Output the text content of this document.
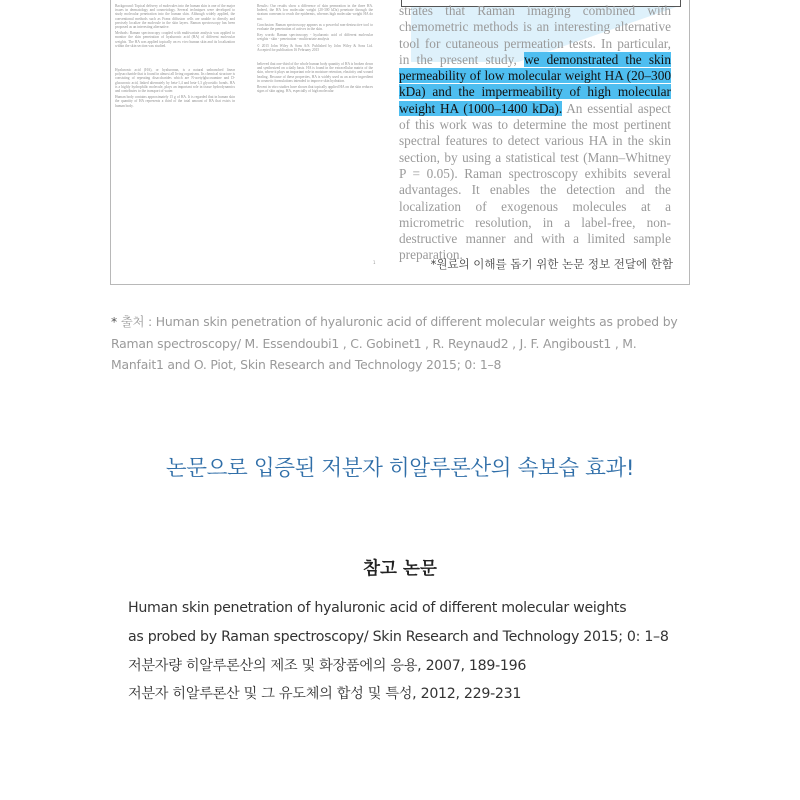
Background: Topical delivery of molecules into the human skin is one of the major issues in dermatology and cosmetology. Several techniques were developed to study molecular penetration into the human skin. Although widely applied, the conventional methods such as Franz diffusion cells are unable to directly and precisely localize the molecule in the skin layers. Raman spectroscopy has been proposed as an interesting alternative.

Methods: Raman spectroscopy coupled with multivariate analysis was applied to monitor the skin penetration of hyaluronic acid (HA) of different molecular weights. The HA was applied topically on ex vivo human skin and its localization within the skin section was studied.

Hyaluronic acid (HA), or hyaluronan, is a natural unbranched linear polysaccharide that is found in almost all living organisms. Its chemical structure is consisting of repeating disaccharides which are N-acetylglucosamine and D-glucuronic acid, linked alternately by beta-1,4 and beta-1,3 glycosidic bonds. HA is a highly hydrophilic molecule, plays an important role in tissue hydrodynamics and contributes to the transport of water.

Human body contains approximately 15 g of HA. It is regarded that in human skin the quantity of HA represents a third of the total amount of HA that exists in human body.

Results: Our results show a difference of skin permeation in the three HA. Indeed, the HA low molecular weight (20-300 kDa) penetrate through the stratum corneum to reach the epidermis, whereas high molecular weight HA do not.

Conclusion: Raman spectroscopy appears as a powerful non-destructive tool to evaluate the penetration of actives in the skin.

Key words: Raman spectroscopy - hyaluronic acid of different molecular weights - skin - penetration - multivariate analysis

© 2015 John Wiley & Sons A/S. Published by John Wiley & Sons Ltd. Accepted for publication 16 February 2015

believed that one-third of the whole human body quantity of HA is broken down and synthesized on a daily basis. HA is found in the extracellular matrix of the skin, where it plays an important role in moisture retention, elasticity and wound healing. Because of these properties, HA is widely used as an active ingredient in cosmetic formulations intended to improve skin hydration.

Recent in vitro studies have shown that topically applied HA on the skin reduces signs of skin aging. HA, especially of high molecular

strates that Raman imaging combined with chemometric methods is an interesting alternative tool for cutaneous permeation tests. In particular, in the present study, we demonstrated the skin permeability of low molecular weight HA (20–300 kDa) and the impermeability of high molecular weight HA (1000–1400 kDa). An essential aspect of this work was to determine the most pertinent spectral features to detect various HA in the skin section, by using a statistical test (Mann–Whitney P = 0.05). Raman spectroscopy exhibits several advantages. It enables the detection and the localization of exogenous molecules at a micrometric resolution, in a label-free, non-destructive manner and with a limited sample preparation.
1	*원료의 이해를 돕기 위한 논문 정보 전달에 한함
* 출처 : Human skin penetration of hyaluronic acid of different molecular weights as probed by Raman spectroscopy/ M. Essendoubi1 , C. Gobinet1 , R. Reynaud2 , J. F. Angiboust1 , M. Manfait1 and O. Piot, Skin Research and Technology 2015; 0: 1–8
논문으로 입증된 저분자 히알루론산의 속보습 효과!
참고 논문
Human skin penetration of hyaluronic acid of different molecular weights
as probed by Raman spectroscopy/ Skin Research and Technology 2015; 0: 1–8
저분자량 히알루론산의 제조 및 화장품에의 응용, 2007, 189-196
저분자 히알루론산 및 그 유도체의 합성 및 특성, 2012, 229-231
